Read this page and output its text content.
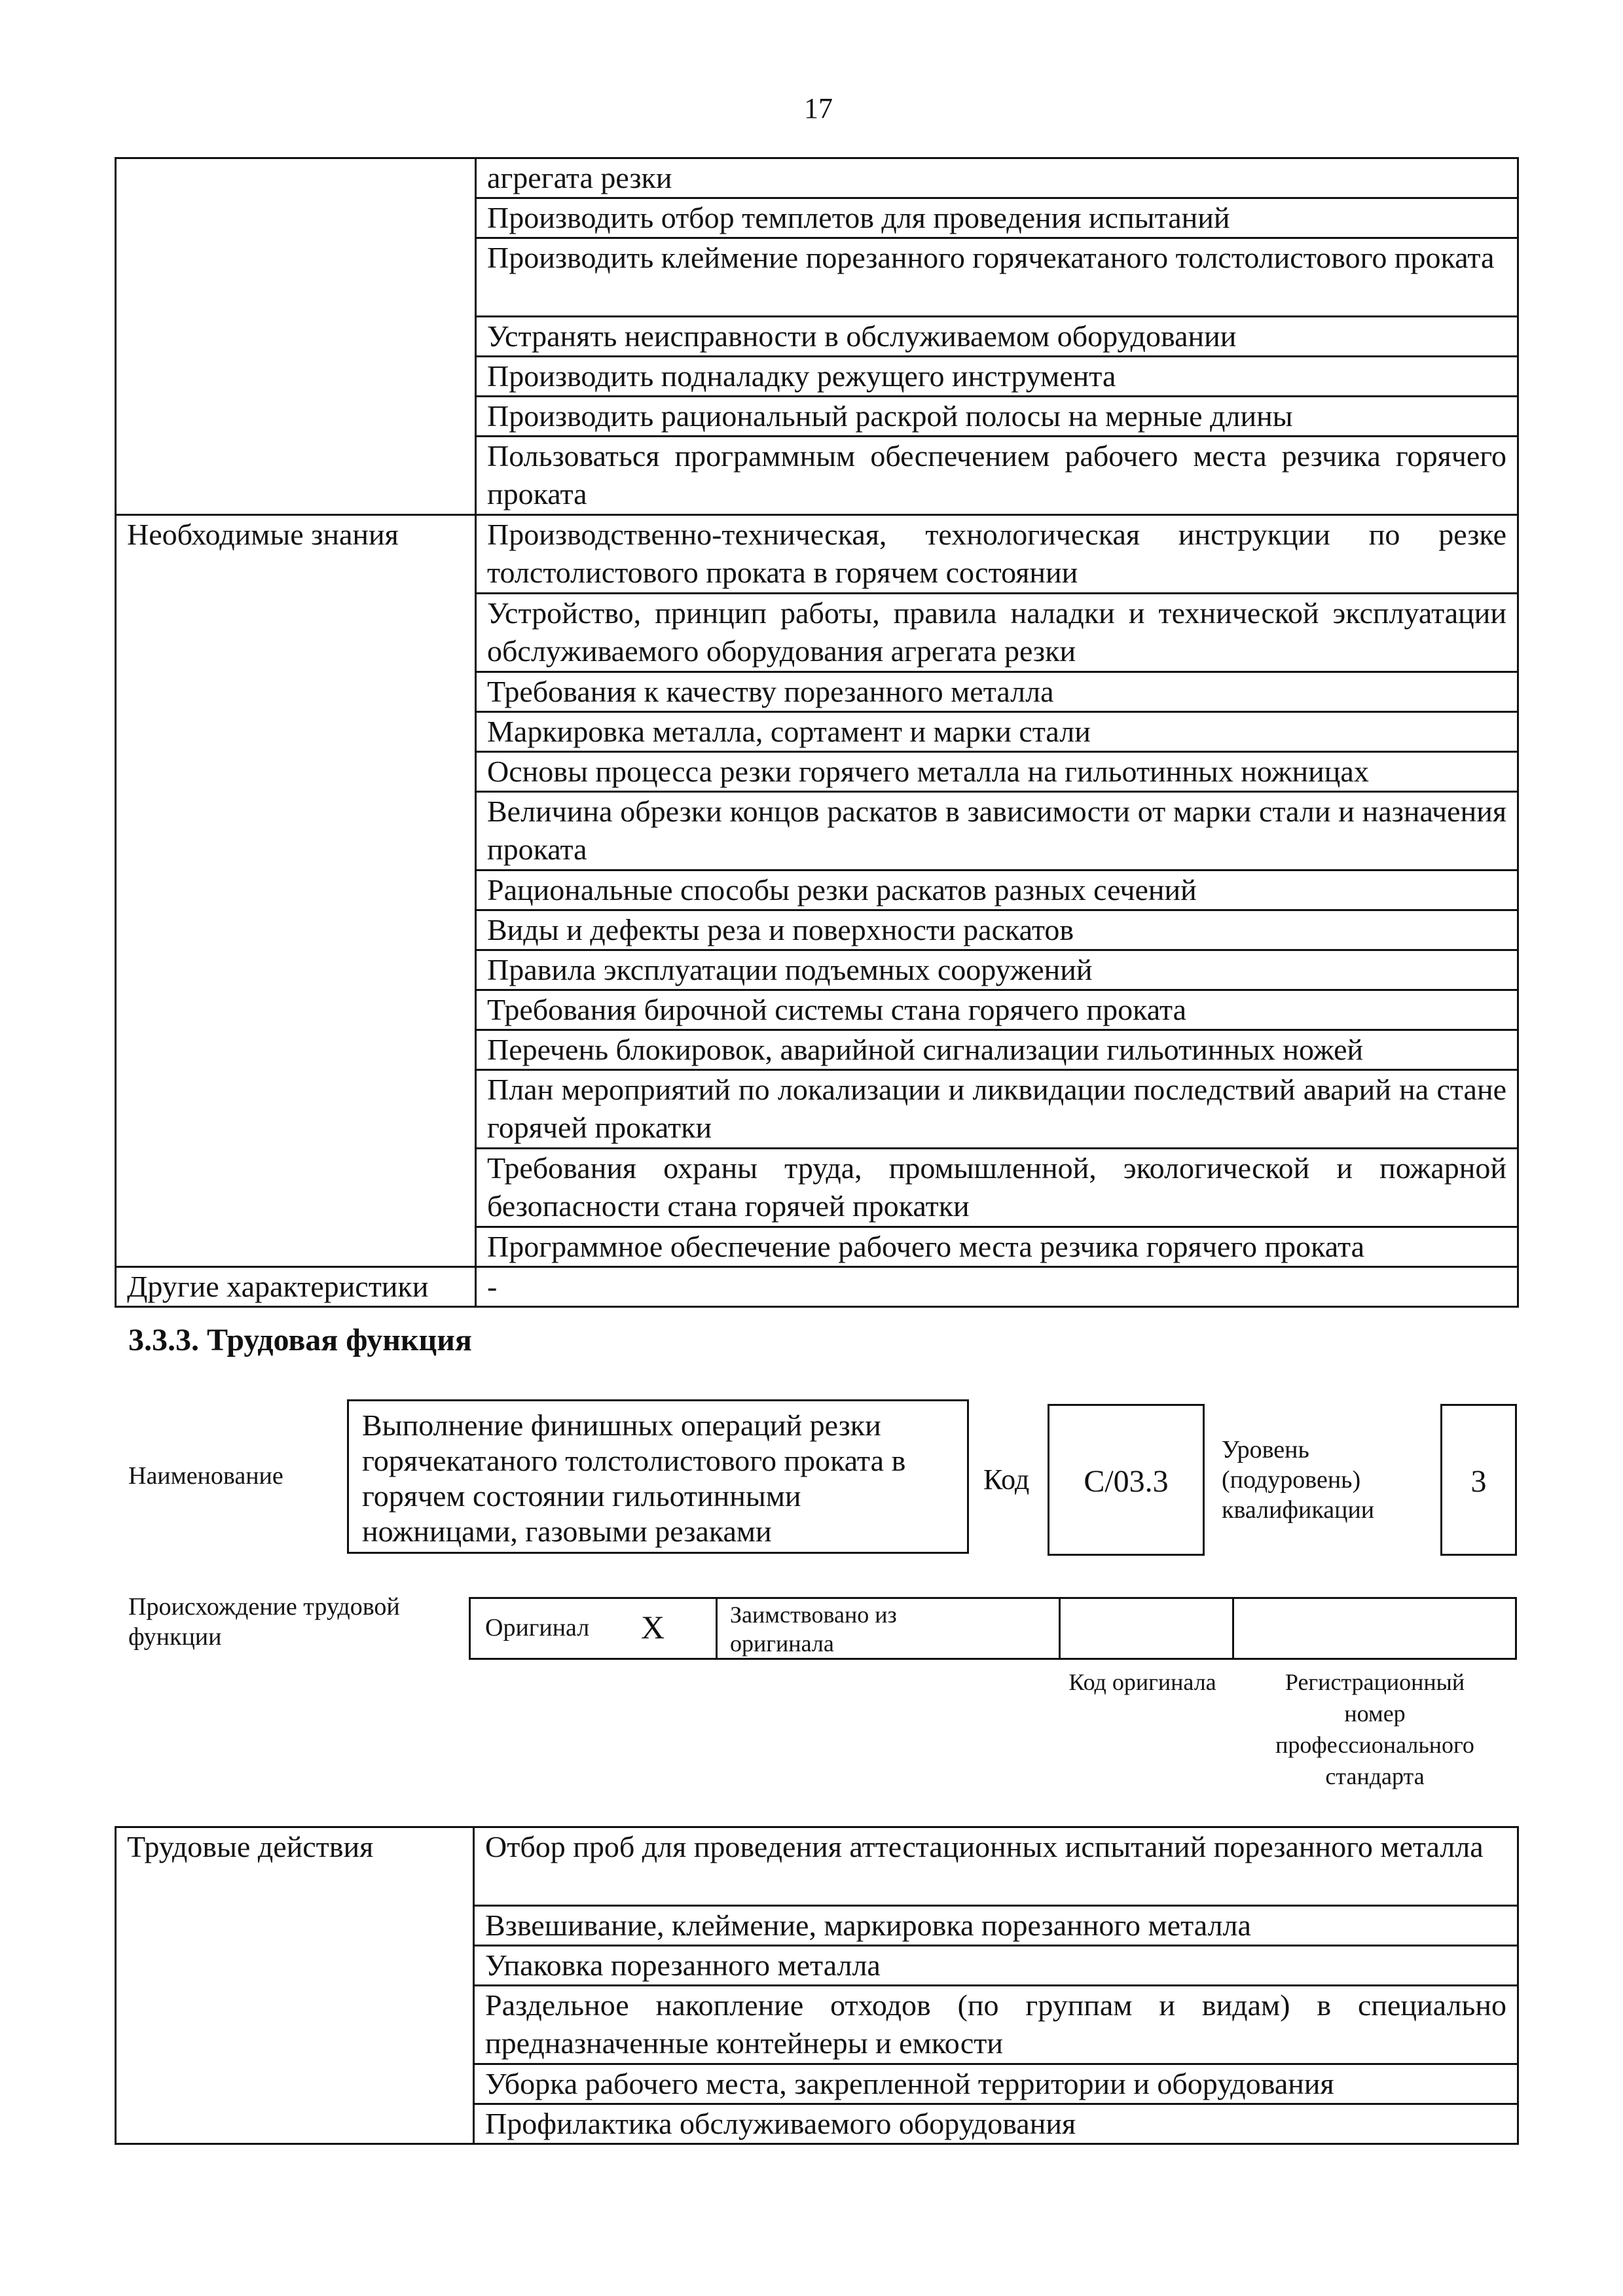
17
	агрегата резки
	Производить отбор темплетов для проведения испытаний
	Производить клеймение порезанного горячекатаного толстолистового проката
	Устранять неисправности в обслуживаемом оборудовании
	Производить подналадку режущего инструмента
	Производить рациональный раскрой полосы на мерные длины
	Пользоваться программным обеспечением рабочего места резчика горячего проката
Необходимые знания	Производственно-техническая, технологическая инструкции по резке толстолистового проката в горячем состоянии
	Устройство, принцип работы, правила наладки и технической эксплуатации обслуживаемого оборудования агрегата резки
	Требования к качеству порезанного металла
	Маркировка металла, сортамент и марки стали
	Основы процесса резки горячего металла на гильотинных ножницах
	Величина обрезки концов раскатов в зависимости от марки стали и назначения проката
	Рациональные способы резки раскатов разных сечений
	Виды и дефекты реза и поверхности раскатов
	Правила эксплуатации подъемных сооружений
	Требования бирочной системы стана горячего проката
	Перечень блокировок, аварийной сигнализации гильотинных ножей
	План мероприятий по локализации и ликвидации последствий аварий на стане горячей прокатки
	Требования охраны труда, промышленной, экологической и пожарной безопасности стана горячей прокатки
	Программное обеспечение рабочего места резчика горячего проката
Другие характеристики	-
3.3.3. Трудовая функция
Наименование
Выполнение финишных операций резки горячекатаного толстолистового проката в горячем состоянии гильотинными ножницами, газовыми резаками
Код	С/03.3
Уровень (подуровень) квалификации
3
Происхождение трудовой функции	Оригинал X	Заимствовано из оригинала
Код оригинала	Регистрационный номер профессионального стандарта
Трудовые действия	Отбор проб для проведения аттестационных испытаний порезанного металла
	Взвешивание, клеймение, маркировка порезанного металла
	Упаковка порезанного металла
	Раздельное накопление отходов (по группам и видам) в специально предназначенные контейнеры и емкости
	Уборка рабочего места, закрепленной территории и оборудования
	Профилактика обслуживаемого оборудования
